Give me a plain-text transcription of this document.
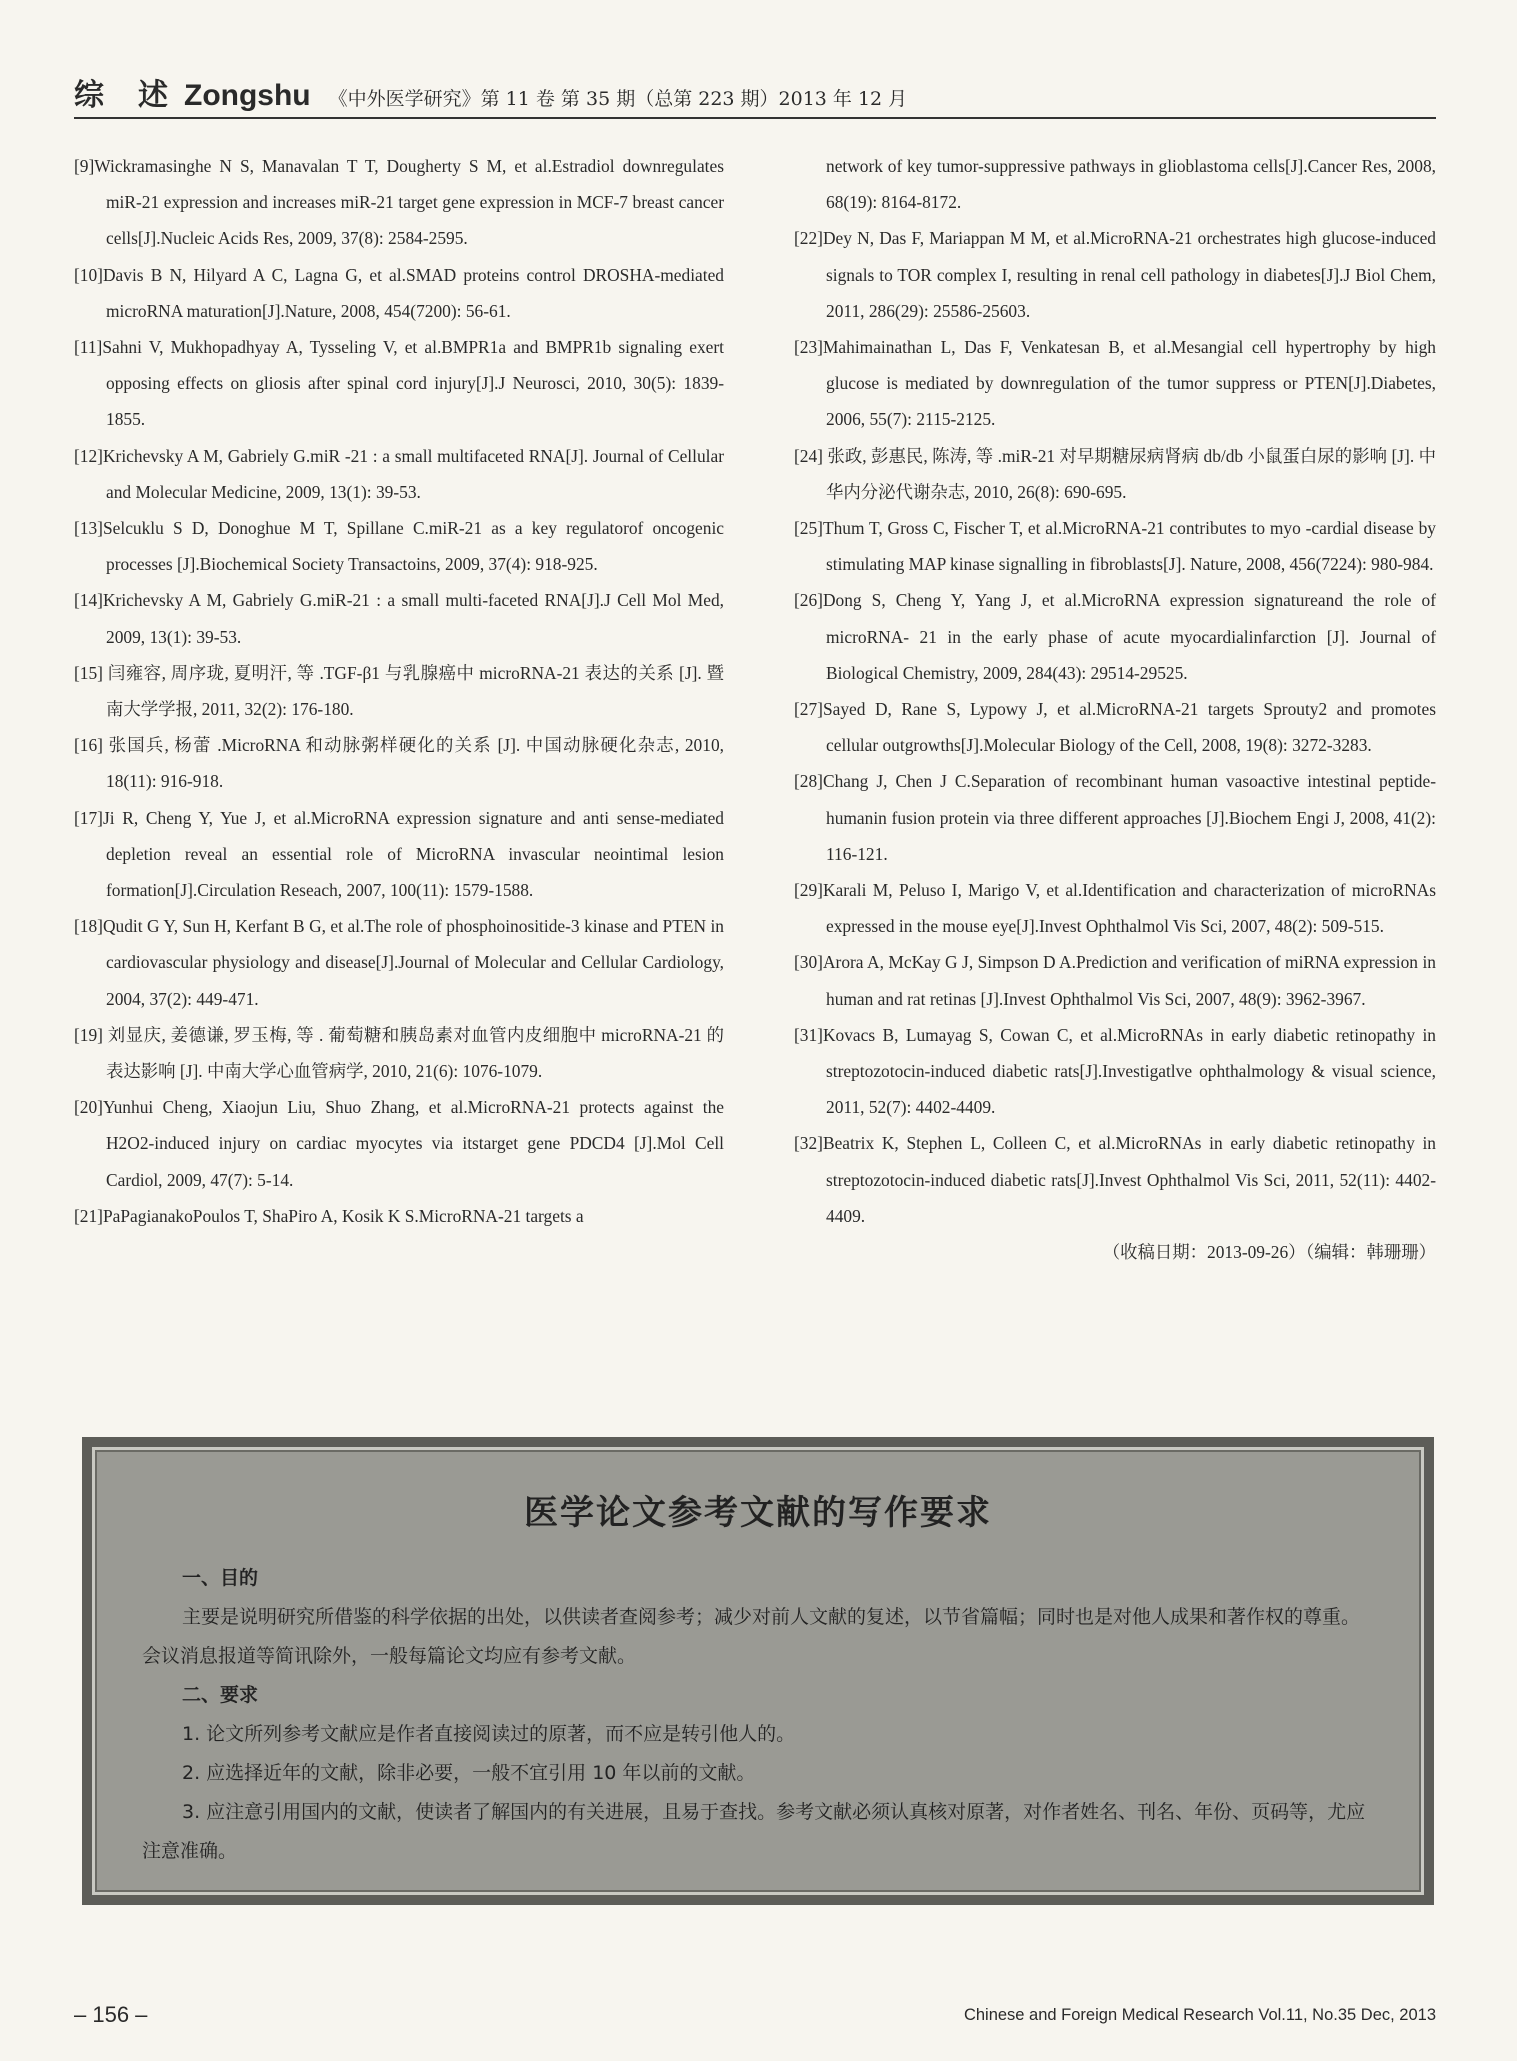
综　述 Zongshu 《中外医学研究》第 11 卷 第 35 期（总第 223 期）2013 年 12 月
[9]Wickramasinghe N S, Manavalan T T, Dougherty S M, et al.Estradiol downregulates miR-21 expression and increases miR-21 target gene expression in MCF-7 breast cancer cells[J].Nucleic Acids Res, 2009, 37(8): 2584-2595.
[10]Davis B N, Hilyard A C, Lagna G, et al.SMAD proteins control DROSHA-mediated microRNA maturation[J].Nature, 2008, 454(7200): 56-61.
[11]Sahni V, Mukhopadhyay A, Tysseling V, et al.BMPR1a and BMPR1b signaling exert opposing effects on gliosis after spinal cord injury[J].J Neurosci, 2010, 30(5): 1839-1855.
[12]Krichevsky A M, Gabriely G.miR -21 : a small multifaceted RNA[J]. Journal of Cellular and Molecular Medicine, 2009, 13(1): 39-53.
[13]Selcuklu S D, Donoghue M T, Spillane C.miR-21 as a key regulatorof oncogenic processes [J].Biochemical Society Transactoins, 2009, 37(4): 918-925.
[14]Krichevsky A M, Gabriely G.miR-21 : a small multi-faceted RNA[J].J Cell Mol Med, 2009, 13(1): 39-53.
[15] 闫雍容, 周序珑, 夏明汗, 等 .TGF-β1 与乳腺癌中 microRNA-21 表达的关系 [J]. 暨南大学学报, 2011, 32(2): 176-180.
[16] 张国兵, 杨蕾 .MicroRNA 和动脉粥样硬化的关系 [J]. 中国动脉硬化杂志, 2010, 18(11): 916-918.
[17]Ji R, Cheng Y, Yue J, et al.MicroRNA expression signature and anti sense-mediated depletion reveal an essential role of MicroRNA invascular neointimal lesion formation[J].Circulation Reseach, 2007, 100(11): 1579-1588.
[18]Qudit G Y, Sun H, Kerfant B G, et al.The role of phosphoinositide-3 kinase and PTEN in cardiovascular physiology and disease[J].Journal of Molecular and Cellular Cardiology, 2004, 37(2): 449-471.
[19] 刘显庆, 姜德谦, 罗玉梅, 等 . 葡萄糖和胰岛素对血管内皮细胞中 microRNA-21 的表达影响 [J]. 中南大学心血管病学, 2010, 21(6): 1076-1079.
[20]Yunhui Cheng, Xiaojun Liu, Shuo Zhang, et al.MicroRNA-21 protects against the H2O2-induced injury on cardiac myocytes via itstarget gene PDCD4 [J].Mol Cell Cardiol, 2009, 47(7): 5-14.
[21]PaPagianakoPoulos T, ShaPiro A, Kosik K S.MicroRNA-21 targets a
network of key tumor-suppressive pathways in glioblastoma cells[J].Cancer Res, 2008, 68(19): 8164-8172.
[22]Dey N, Das F, Mariappan M M, et al.MicroRNA-21 orchestrates high glucose-induced signals to TOR complex I, resulting in renal cell pathology in diabetes[J].J Biol Chem, 2011, 286(29): 25586-25603.
[23]Mahimainathan L, Das F, Venkatesan B, et al.Mesangial cell hypertrophy by high glucose is mediated by downregulation of the tumor suppress or PTEN[J].Diabetes, 2006, 55(7): 2115-2125.
[24] 张政, 彭惠民, 陈涛, 等 .miR-21 对早期糖尿病肾病 db/db 小鼠蛋白尿的影响 [J]. 中华内分泌代谢杂志, 2010, 26(8): 690-695.
[25]Thum T, Gross C, Fischer T, et al.MicroRNA-21 contributes to myo -cardial disease by stimulating MAP kinase signalling in fibroblasts[J]. Nature, 2008, 456(7224): 980-984.
[26]Dong S, Cheng Y, Yang J, et al.MicroRNA expression signatureand the role of microRNA- 21 in the early phase of acute myocardialinfarction [J]. Journal of Biological Chemistry, 2009, 284(43): 29514-29525.
[27]Sayed D, Rane S, Lypowy J, et al.MicroRNA-21 targets Sprouty2 and promotes cellular outgrowths[J].Molecular Biology of the Cell, 2008, 19(8): 3272-3283.
[28]Chang J, Chen J C.Separation of recombinant human vasoactive intestinal peptide-humanin fusion protein via three different approaches [J].Biochem Engi J, 2008, 41(2): 116-121.
[29]Karali M, Peluso I, Marigo V, et al.Identification and characterization of microRNAs expressed in the mouse eye[J].Invest Ophthalmol Vis Sci, 2007, 48(2): 509-515.
[30]Arora A, McKay G J, Simpson D A.Prediction and verification of miRNA expression in human and rat retinas [J].Invest Ophthalmol Vis Sci, 2007, 48(9): 3962-3967.
[31]Kovacs B, Lumayag S, Cowan C, et al.MicroRNAs in early diabetic retinopathy in streptozotocin-induced diabetic rats[J].Investigatlve ophthalmology & visual science, 2011, 52(7): 4402-4409.
[32]Beatrix K, Stephen L, Colleen C, et al.MicroRNAs in early diabetic retinopathy in streptozotocin-induced diabetic rats[J].Invest Ophthalmol Vis Sci, 2011, 52(11): 4402-4409.
（收稿日期：2013-09-26）（编辑：韩珊珊）
医学论文参考文献的写作要求
一、目的
主要是说明研究所借鉴的科学依据的出处，以供读者查阅参考；减少对前人文献的复述，以节省篇幅；同时也是对他人成果和著作权的尊重。会议消息报道等简讯除外，一般每篇论文均应有参考文献。
二、要求
1. 论文所列参考文献应是作者直接阅读过的原著，而不应是转引他人的。
2. 应选择近年的文献，除非必要，一般不宜引用 10 年以前的文献。
3. 应注意引用国内的文献，使读者了解国内的有关进展，且易于查找。参考文献必须认真核对原著，对作者姓名、刊名、年份、页码等，尤应注意准确。
– 156 –	Chinese and Foreign Medical Research Vol.11, No.35 Dec, 2013
